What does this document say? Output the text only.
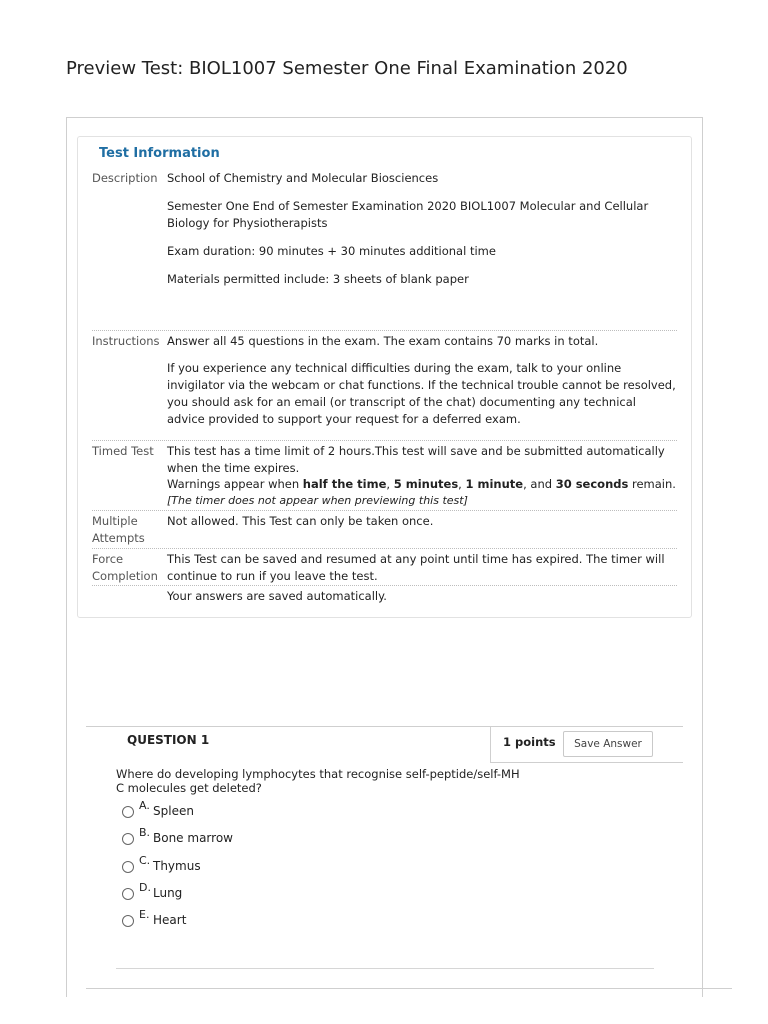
Preview Test: BIOL1007 Semester One Final Examination 2020
Test Information
Description School of Chemistry and Molecular Biosciences
Semester One End of Semester Examination 2020 BIOL1007 Molecular and Cellular Biology for Physiotherapists
Exam duration: 90 minutes + 30 minutes additional time
Materials permitted include: 3 sheets of blank paper
Instructions Answer all 45 questions in the exam. The exam contains 70 marks in total.
If you experience any technical difficulties during the exam, talk to your online invigilator via the webcam or chat functions. If the technical trouble cannot be resolved, you should ask for an email (or transcript of the chat) documenting any technical advice provided to support your request for a deferred exam.
Timed Test This test has a time limit of 2 hours.This test will save and be submitted automatically when the time expires.
Warnings appear when half the time, 5 minutes, 1 minute, and 30 seconds remain.
[The timer does not appear when previewing this test]
Multiple
Attempts
Not allowed. This Test can only be taken once.
Force
Completion
This Test can be saved and resumed at any point until time has expired. The timer will continue to run if you leave the test.
Your answers are saved automatically.
QUESTION 1	1 points	Save Answer
Where do developing lymphocytes that recognise self-peptide/self-MHC molecules get deleted?
A. Spleen
B. Bone marrow
C. Thymus
D. Lung
E. Heart
